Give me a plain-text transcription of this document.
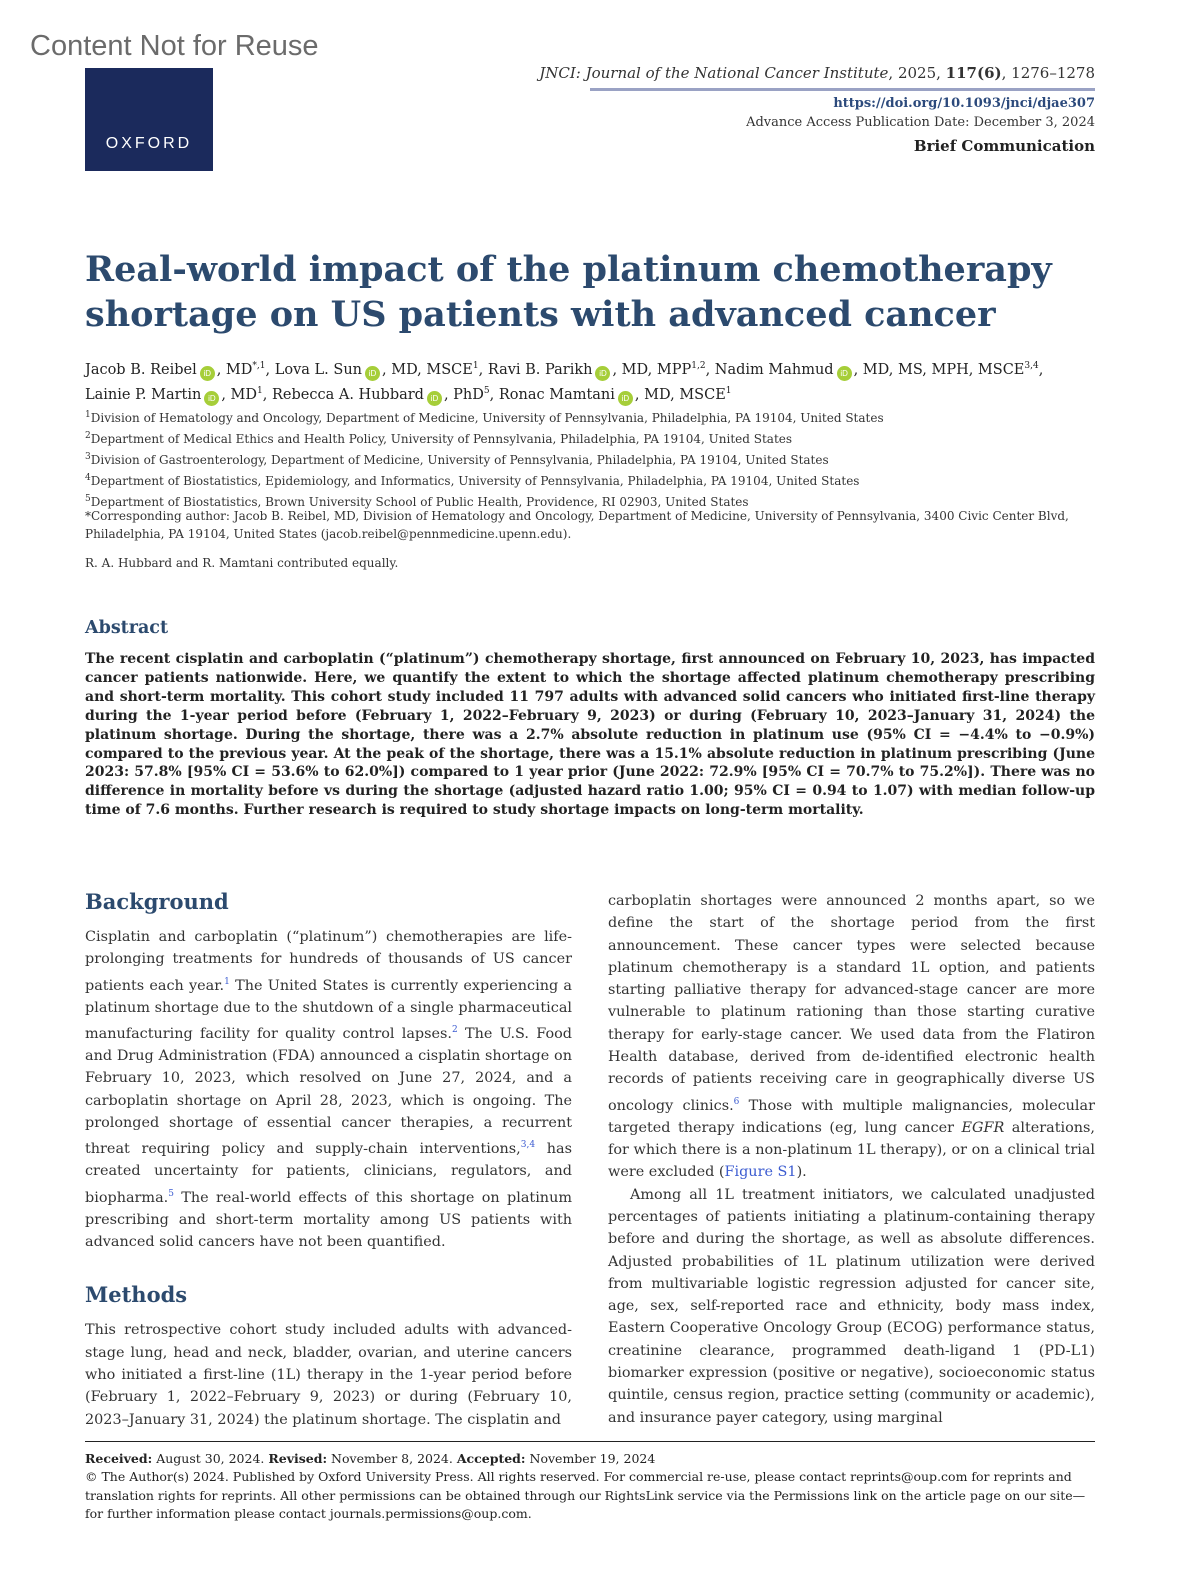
Content Not for Reuse
OXFORD
JNCI: Journal of the National Cancer Institute, 2025, 117(6), 1276–1278
https://doi.org/10.1093/jnci/djae307
Advance Access Publication Date: December 3, 2024
Brief Communication
Real-world impact of the platinum chemotherapy shortage on US patients with advanced cancer
Jacob B. Reibel iD , $MD^{*,1}$, Lova L. Sun iD , MD, MSCE$^1$, Ravi B. Parikh iD , MD, MPP$^{1,2}$, Nadim Mahmud iD , MD, MS, MPH, MSCE$^{3,4}$,
Lainie P. Martin iD , $MD^1$, Rebecca A. Hubbard iD , PhD$^5$, Ronac Mamtani iD , MD, MSCE$^1$
$^1$Division of Hematology and Oncology, Department of Medicine, University of Pennsylvania, Philadelphia, PA 19104, United States
$^2$Department of Medical Ethics and Health Policy, University of Pennsylvania, Philadelphia, PA 19104, United States
$^3$Division of Gastroenterology, Department of Medicine, University of Pennsylvania, Philadelphia, PA 19104, United States
$^4$Department of Biostatistics, Epidemiology, and Informatics, University of Pennsylvania, Philadelphia, PA 19104, United States
$^5$Department of Biostatistics, Brown University School of Public Health, Providence, RI 02903, United States
*Corresponding author: Jacob B. Reibel, MD, Division of Hematology and Oncology, Department of Medicine, University of Pennsylvania, 3400 Civic Center Blvd, Philadelphia, PA 19104, United States (jacob.reibel@pennmedicine.upenn.edu).
R. A. Hubbard and R. Mamtani contributed equally.
Abstract
The recent cisplatin and carboplatin (“platinum”) chemotherapy shortage, first announced on February 10, 2023, has impacted cancer patients nationwide. Here, we quantify the extent to which the shortage affected platinum chemotherapy prescribing and short-term mortality. This cohort study included 11 797 adults with advanced solid cancers who initiated first-line therapy during the 1-year period before (February 1, 2022–February 9, 2023) or during (February 10, 2023–January 31, 2024) the platinum shortage. During the shortage, there was a 2.7% absolute reduction in platinum use (95% CI = −4.4% to −0.9%) compared to the previous year. At the peak of the shortage, there was a 15.1% absolute reduction in platinum prescribing (June 2023: 57.8% [95% CI = 53.6% to 62.0%]) compared to 1 year prior (June 2022: 72.9% [95% CI = 70.7% to 75.2%]). There was no difference in mortality before vs during the shortage (adjusted hazard ratio 1.00; 95% CI = 0.94 to 1.07) with median follow-up time of 7.6 months. Further research is required to study shortage impacts on long-term mortality.
Background

Cisplatin and carboplatin (“platinum”) chemotherapies are life-prolonging treatments for hundreds of thousands of US cancer patients each year.$^1$ The United States is currently experiencing a platinum shortage due to the shutdown of a single pharmaceutical manufacturing facility for quality control lapses.$^2$ The U.S. Food and Drug Administration (FDA) announced a cisplatin shortage on February 10, 2023, which resolved on June 27, 2024, and a carboplatin shortage on April 28, 2023, which is ongoing. The prolonged shortage of essential cancer therapies, a recurrent threat requiring policy and supply-chain interventions,$^{3,4}$ has created uncertainty for patients, clinicians, regulators, and biopharma.$^5$ The real-world effects of this shortage on platinum prescribing and short-term mortality among US patients with advanced solid cancers have not been quantified.

Methods

This retrospective cohort study included adults with advanced-stage lung, head and neck, bladder, ovarian, and uterine cancers who initiated a first-line (1L) therapy in the 1-year period before (February 1, 2022–February 9, 2023) or during (February 10, 2023–January 31, 2024) the platinum shortage. The cisplatin and

carboplatin shortages were announced 2 months apart, so we define the start of the shortage period from the first announcement. These cancer types were selected because platinum chemotherapy is a standard 1L option, and patients starting palliative therapy for advanced-stage cancer are more vulnerable to platinum rationing than those starting curative therapy for early-stage cancer. We used data from the Flatiron Health database, derived from de-identified electronic health records of patients receiving care in geographically diverse US oncology clinics.$^6$ Those with multiple malignancies, molecular targeted therapy indications (eg, lung cancer EGFR alterations, for which there is a non-platinum 1L therapy), or on a clinical trial were excluded (Figure S1).

Among all 1L treatment initiators, we calculated unadjusted percentages of patients initiating a platinum-containing therapy before and during the shortage, as well as absolute differences. Adjusted probabilities of 1L platinum utilization were derived from multivariable logistic regression adjusted for cancer site, age, sex, self-reported race and ethnicity, body mass index, Eastern Cooperative Oncology Group (ECOG) performance status, creatinine clearance, programmed death-ligand 1 (PD-L1) biomarker expression (positive or negative), socioeconomic status quintile, census region, practice setting (community or academic), and insurance payer category, using marginal

Received: August 30, 2024. Revised: November 8, 2024. Accepted: November 19, 2024
© The Author(s) 2024. Published by Oxford University Press. All rights reserved. For commercial re-use, please contact reprints@oup.com for reprints and translation rights for reprints. All other permissions can be obtained through our RightsLink service via the Permissions link on the article page on our site—for further information please contact journals.permissions@oup.com.
